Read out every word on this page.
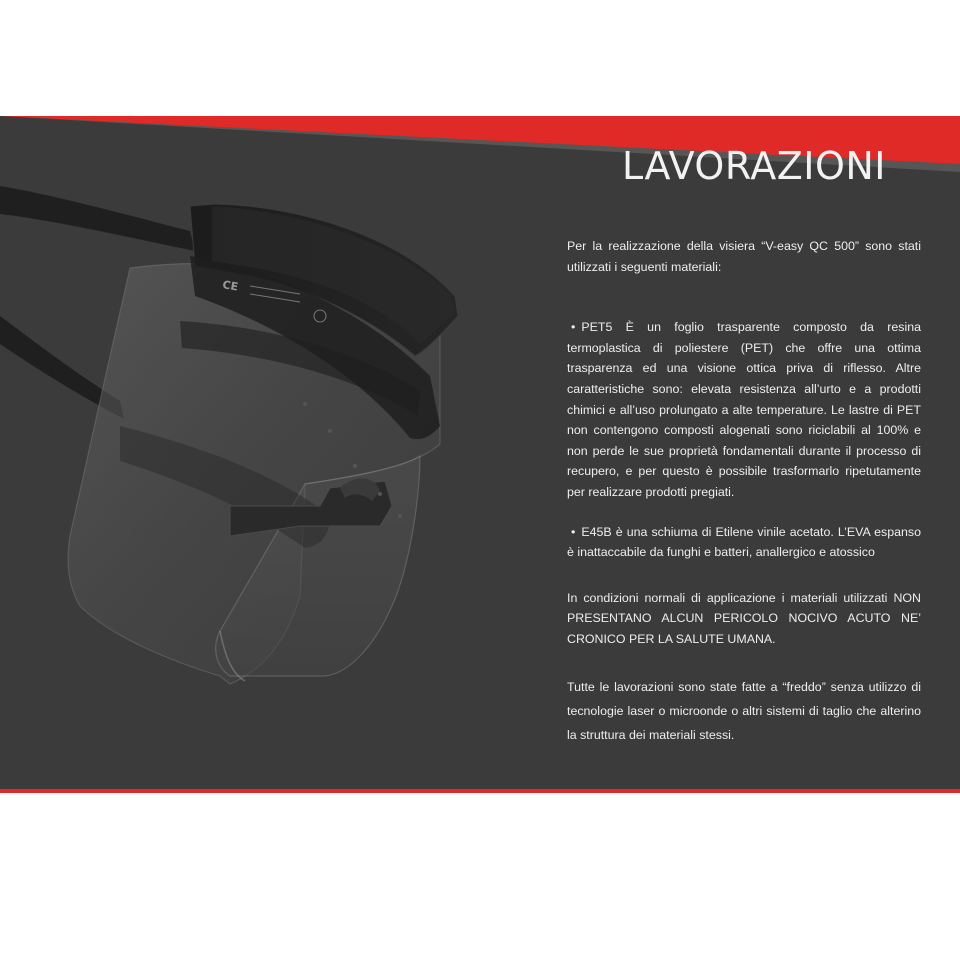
CE
LAVORAZIONI

Per la realizzazione della visiera “V-easy QC 500” sono stati utilizzati i seguenti materiali:

• PET5 È un foglio trasparente composto da resina termoplastica di poliestere (PET) che offre una ottima trasparenza ed una visione ottica priva di riflesso. Altre caratteristiche sono: elevata resistenza all’urto e a prodotti chimici e all’uso prolungato a alte temperature. Le lastre di PET non contengono composti alogenati sono riciclabili al 100% e non perde le sue proprietà fondamentali durante il processo di recupero, e per questo è possibile trasformarlo ripetutamente per realizzare prodotti pregiati.

• E45B è una schiuma di Etilene vinile acetato. L’EVA espanso è inattaccabile da funghi e batteri, anallergico e atossico

In condizioni normali di applicazione i materiali utilizzati NON PRESENTANO ALCUN PERICOLO NOCIVO ACUTO NE’ CRONICO PER LA SALUTE UMANA.

Tutte le lavorazioni sono state fatte a “freddo” senza utilizzo di tecnologie laser o microonde o altri sistemi di taglio che alterino la struttura dei materiali stessi.
